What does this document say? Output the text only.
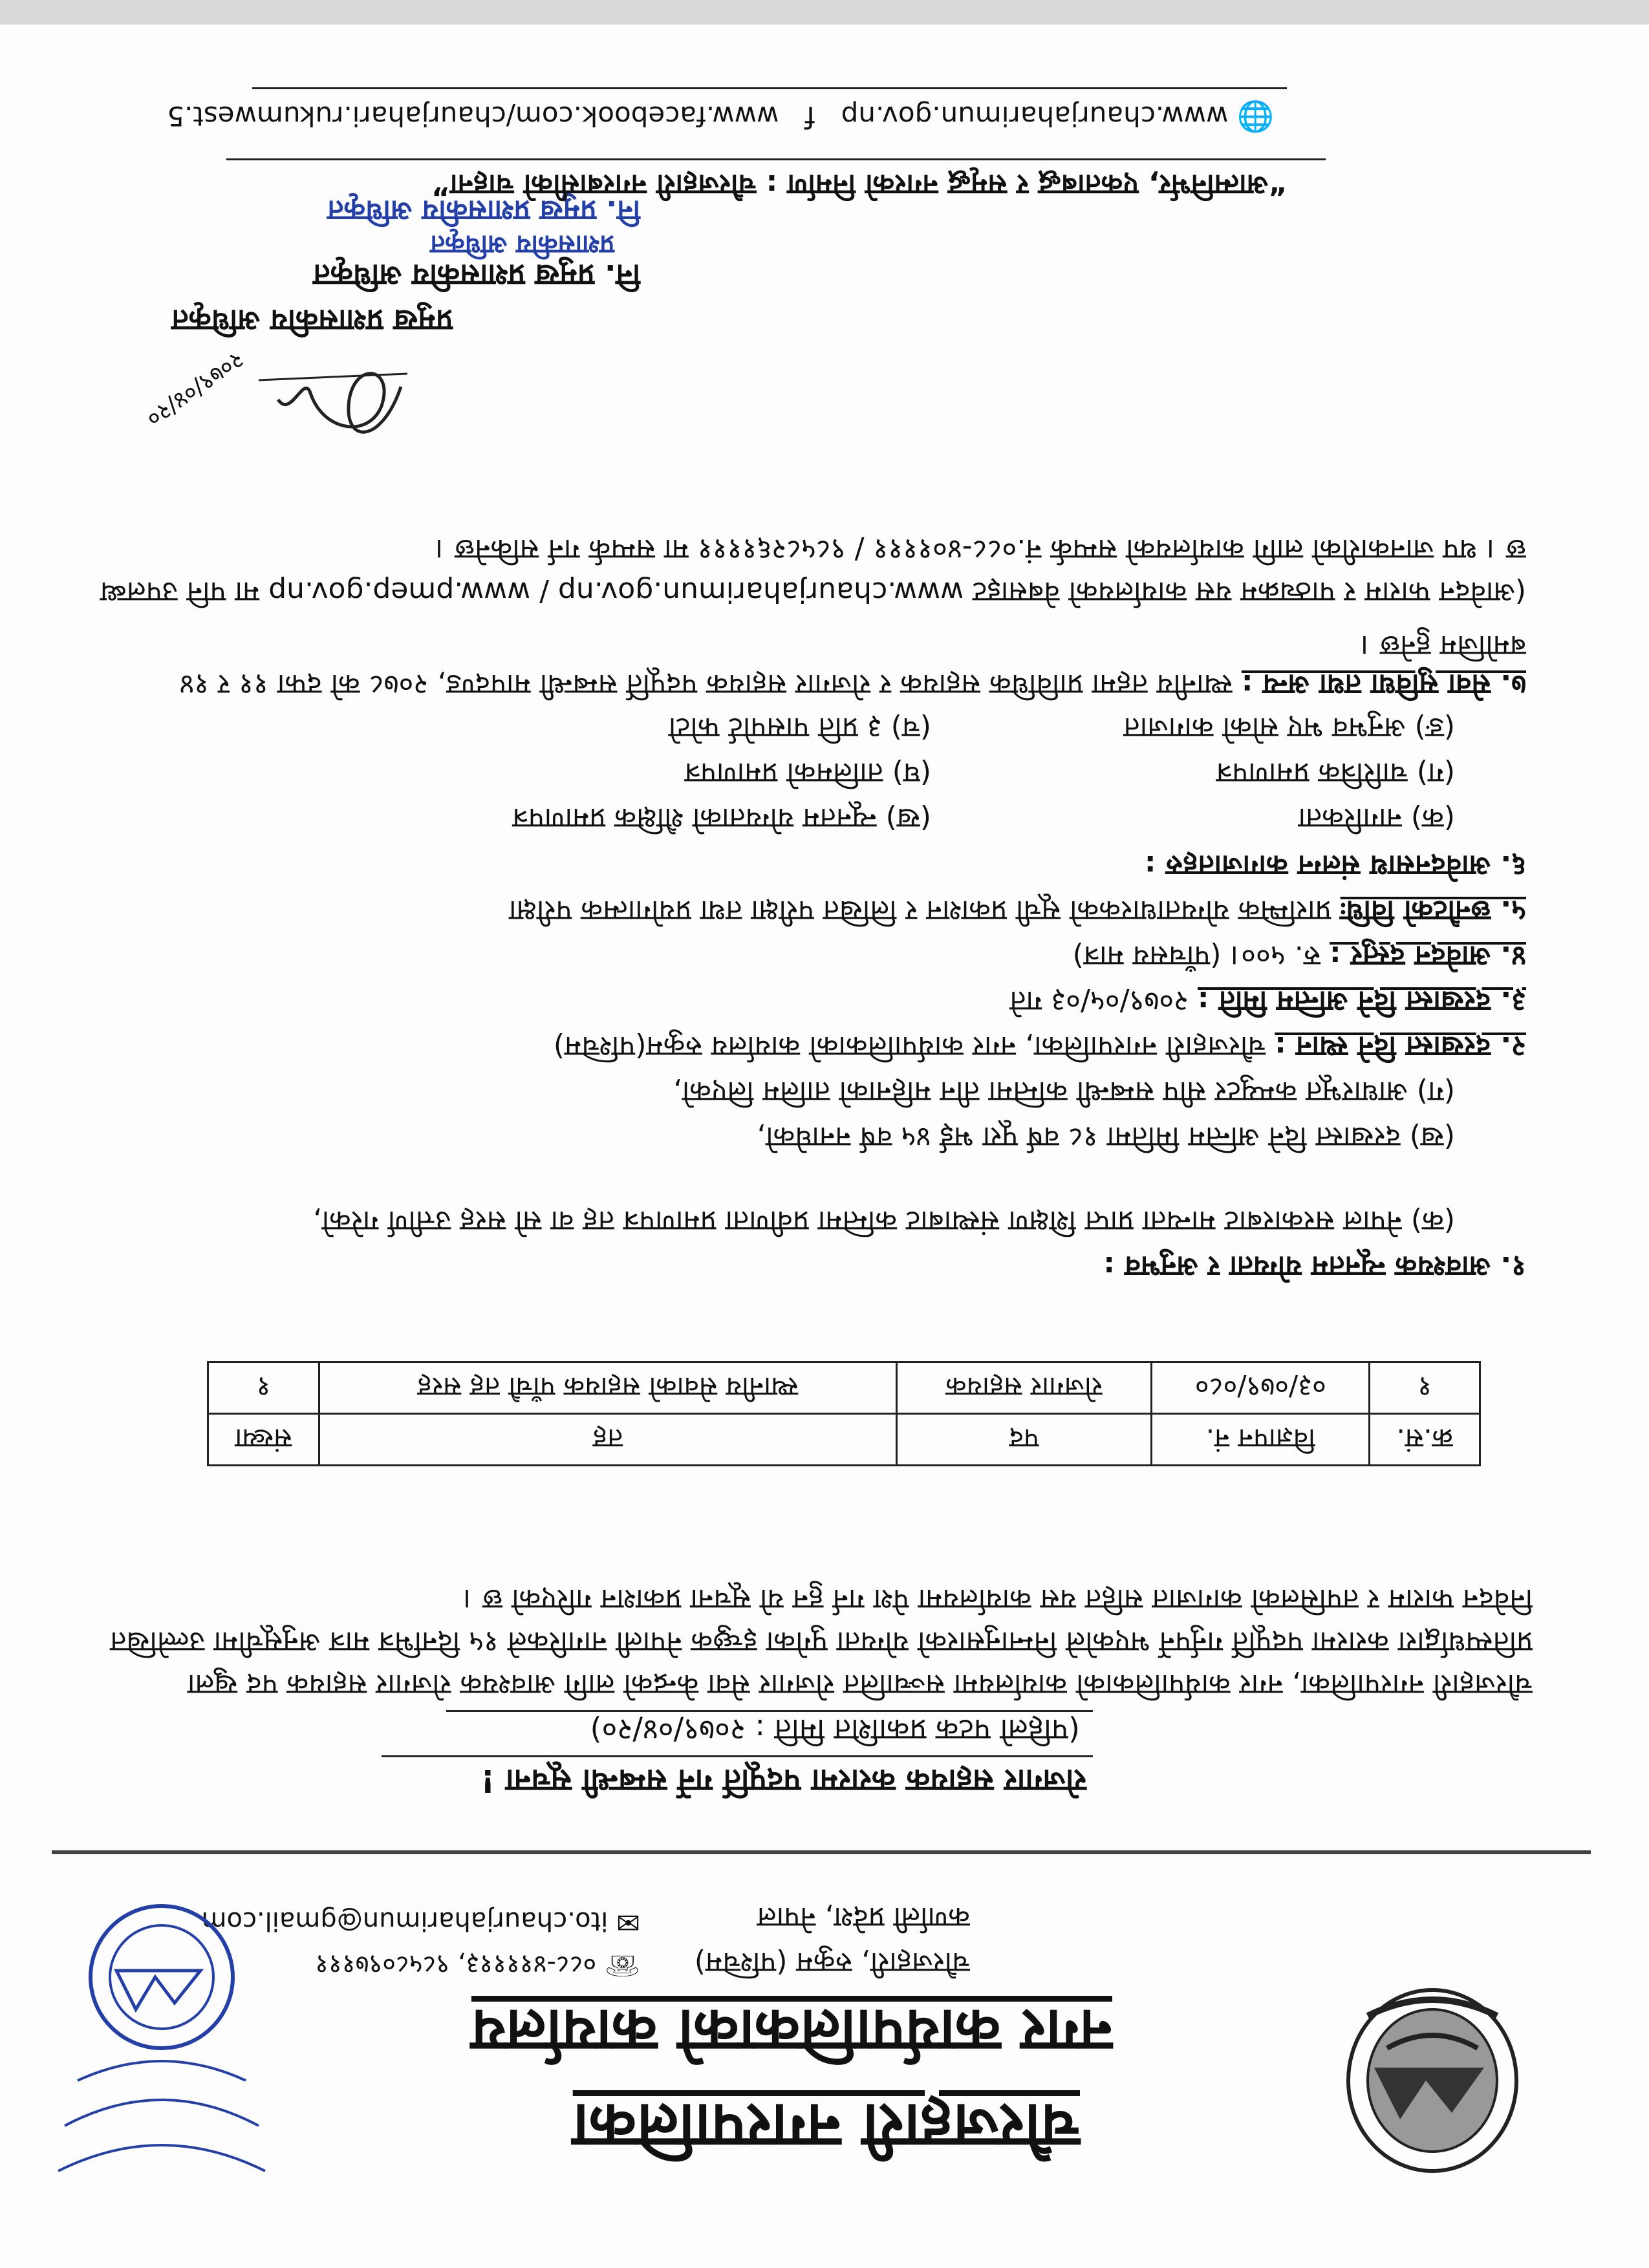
चौरजहारी नगरपालिका
नगर कार्यपालिकाको कार्यालय
चौरजहारी, रुकुम (पश्चिम)
कर्णाली प्रदेश, नेपाल
☏ ०८८-४११११३, ९८५८०९७१११
✉ ito.chaurjaharimun@gmail.com
रोजगार सहायक करारमा पदपूर्ति गर्ने सम्बन्धी सूचना !
(पहिलो पटक प्रकाशित मिति : २०७९/०४/२०)
चौरजहारी नगरपालिका, नगर कार्यपालिकाको कार्यालयमा सञ्चालित रोजगार सेवा केन्द्रको लागि आवश्यक रोजगार सहायक पद खुला प्रतिस्पर्धाद्वारा करारमा पदपूर्ति गर्नुपर्ने भएकोले निम्नानुसारको योग्यता पुगेका इच्छुक नेपाली नागरिकले १५ दिनभित्र मात्र अनुसूचीमा उल्लेखित निवेदन फाराम र तपसिलको कागजात सहित यस कार्यालयमा पेश गर्न हुन यो सूचना प्रकाशन गरिएको छ ।
क्र.सं.	विज्ञापन नं.	पद	तह	संख्या
१	०३/०७९/०८०	रोजगार सहायक	स्थानीय सेवाको सहायक पाँचौ तह सरह	१
१. आवश्यक न्यूनतम योग्यता र अनुभव :
(क) नेपाल सरकारबाट मान्यता प्राप्त शिक्षण संस्थाबाट कम्तिमा प्रवीणता प्रमाणपत्र तह वा सो सरह उत्तीर्ण गरेको,
(ख) दरखास्त दिने अन्तिम मितिमा १८ वर्ष पूरा भई ४५ वर्ष ननाघेको,
(ग) आधारभूत कम्प्युटर सीप सम्बन्धी कम्तिमा तीन महिनाको तालिम लिएको,
२. दरखास्त दिने स्थान : चौरजहारी नगरपालिका, नगर कार्यपालिकाको कार्यालय रुकुम(पश्चिम)
३. दरखास्त दिने अन्तिम मिति : २०७९/०५/०३ गते
४. आवेदन दस्तुर : रु. ५००। (पाँचसय मात्र)
५. छनौटको विधिः प्रारम्भिक योग्यताधारकको सूची प्रकाशन र लिखित परीक्षा तथा प्रयोगात्मक परीक्षा
६. आवेदनसाथ संलग्न कागजातहरु :
(क) नागरिकता
(ख) न्यूनतम योग्यताको शैक्षिक प्रमाणपत्र
(ग) चारित्रिक प्रमाणपत्र
(घ) तालिमको प्रमाणपत्र
(ङ) अनुभव भए सोको कागजात
(च) ३ प्रति पासपोर्ट फोटो
७. सेवा सुविधा तथा अन्य : स्थानीय तहमा प्राविधिक सहायक र रोजगार सहायक पदपूर्ति सम्बन्धी मापदण्ड, २०७८ को दफा ११ र १४ बमोजिम हुनेछ ।
(आवेदन फाराम र पाठ्यक्रम यस कार्यालयको वेबसाइट www.chaurjaharimun.gov.np / www.pmep.gov.np मा पनि उपलब्ध छ । थप जानकारीको लागि कार्यालयको सम्पर्क नं.०८८-४०११११ / ९८५८२६११११ मा सम्पर्क गर्न सकिनेछ ।
२०७९/०४/२०
प्रमुख प्रशासकीय अधिकृत
नि. प्रमुख प्रशासकीय अधिकृत
प्रशासकीय अधिकृत
नि. प्रमुख प्रशासकीय अधिकृत
“आत्मनिर्भर, एकताबद्ध र समृद्ध नगरको निर्माण : चौरजहारी नगरबासीको चाहना”
🌐 www.chaurjaharimun.gov.np   f   www.facebook.com/chaurjahari.rukumwest.5
